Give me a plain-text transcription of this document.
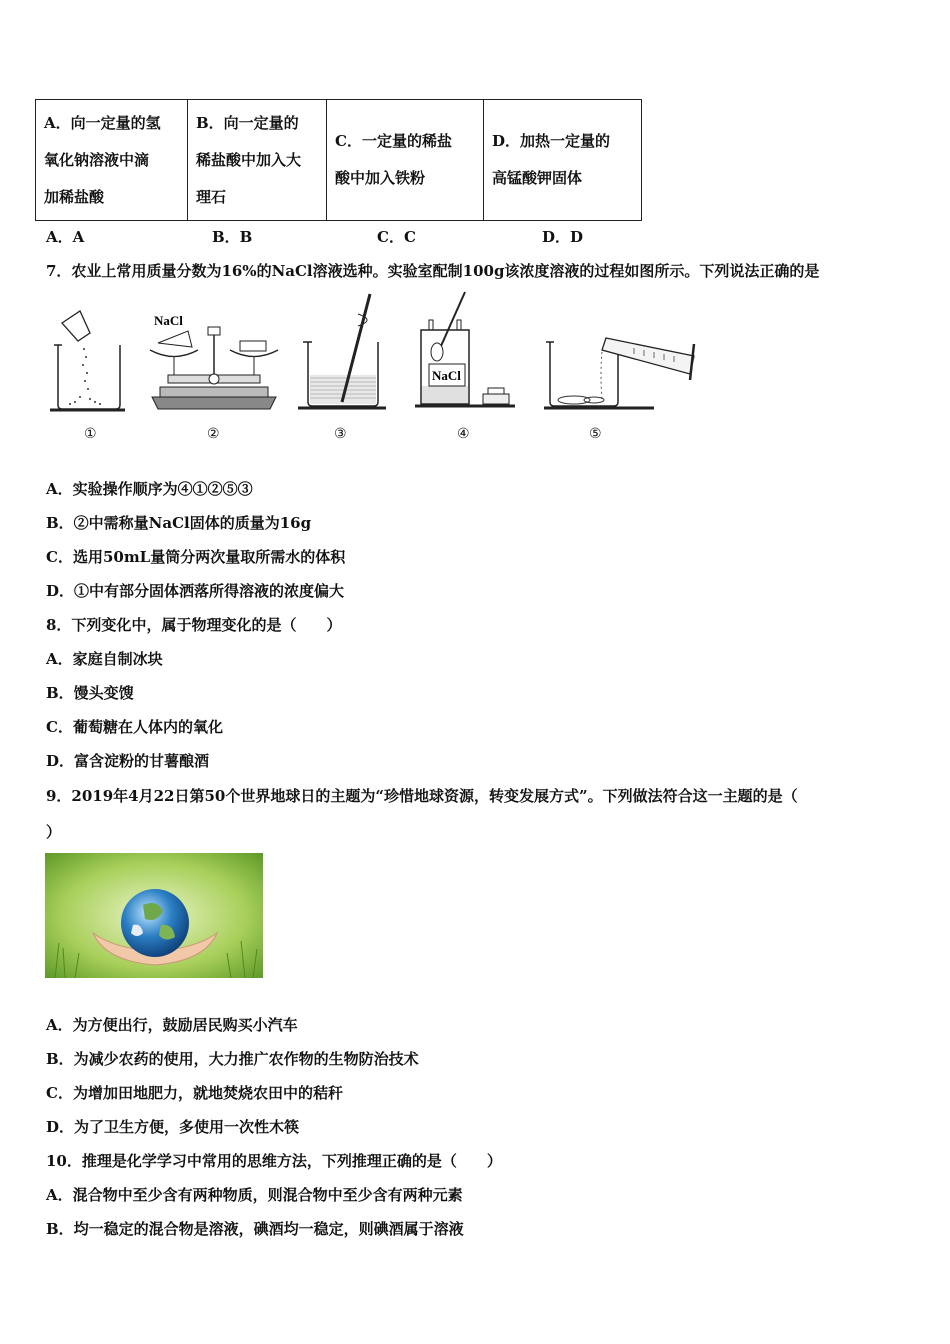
A．向一定量的氢
氧化钠溶液中滴
加稀盐酸

B．向一定量的
稀盐酸中加入大
理石

C．一定量的稀盐
酸中加入铁粉

D．加热一定量的
高锰酸钾固体
A．A	B．B	C．C	D．D
7．农业上常用质量分数为16%的NaCl溶液选种。实验室配制100g该浓度溶液的过程如图所示。下列说法正确的是
NaCl
NaCl
①	②	③	④	⑤
A．实验操作顺序为④①②⑤③
B．②中需称量NaCl固体的质量为16g
C．选用50mL量筒分两次量取所需水的体积
D．①中有部分固体洒落所得溶液的浓度偏大
8．下列变化中，属于物理变化的是（　　）
A．家庭自制冰块
B．馒头变馊
C．葡萄糖在人体内的氧化
D．富含淀粉的甘薯酿酒
9．2019年4月22日第50个世界地球日的主题为“珍惜地球资源，转变发展方式”。下列做法符合这一主题的是（
）
A．为方便出行，鼓励居民购买小汽车
B．为减少农药的使用，大力推广农作物的生物防治技术
C．为增加田地肥力，就地焚烧农田中的秸秆
D．为了卫生方便，多使用一次性木筷
10．推理是化学学习中常用的思维方法，下列推理正确的是（　　）
A．混合物中至少含有两种物质，则混合物中至少含有两种元素
B．均一稳定的混合物是溶液，碘酒均一稳定，则碘酒属于溶液
